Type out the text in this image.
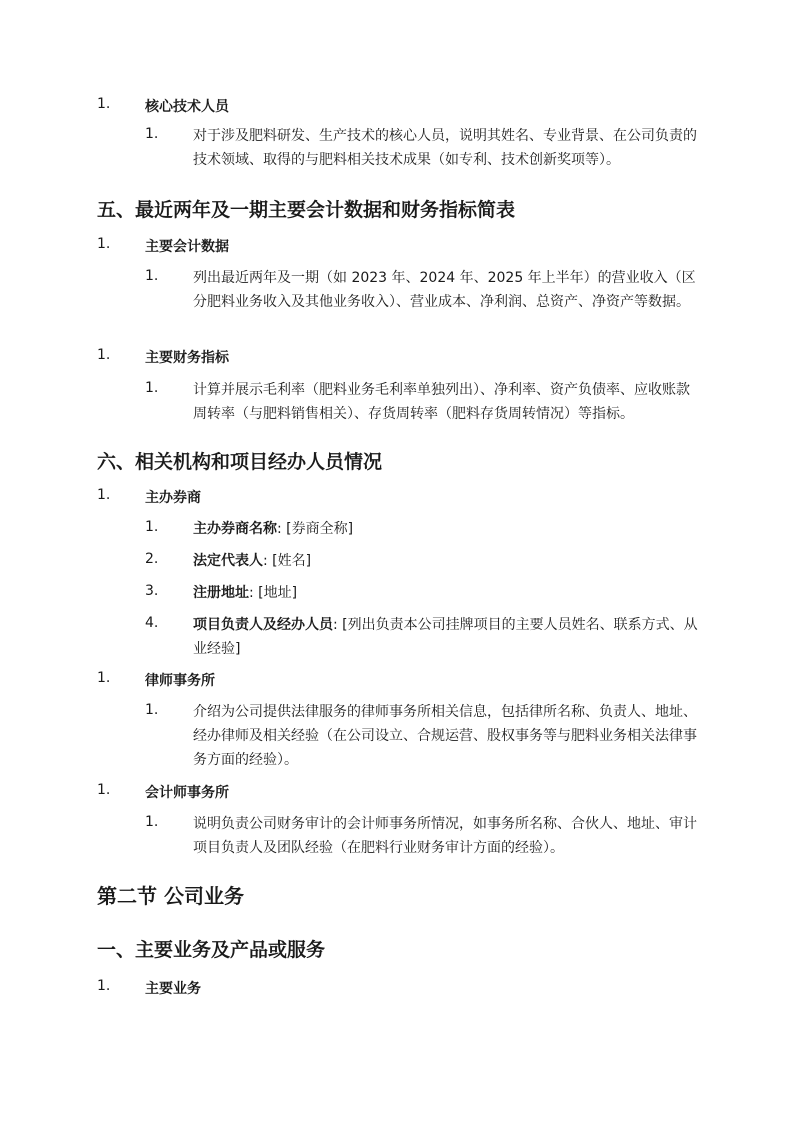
1. 核心技术人员
1. 对于涉及肥料研发、生产技术的核心人员，说明其姓名、专业背景、在公司负责的技术领域、取得的与肥料相关技术成果（如专利、技术创新奖项等）。
五、最近两年及一期主要会计数据和财务指标简表
1. 主要会计数据
1. 列出最近两年及一期（如 2023 年、2024 年、2025 年上半年）的营业收入（区分肥料业务收入及其他业务收入）、营业成本、净利润、总资产、净资产等数据。
1. 主要财务指标
1. 计算并展示毛利率（肥料业务毛利率单独列出）、净利率、资产负债率、应收账款周转率（与肥料销售相关）、存货周转率（肥料存货周转情况）等指标。
六、相关机构和项目经办人员情况
1. 主办券商
1. 主办券商名称: [券商全称]
2. 法定代表人: [姓名]
3. 注册地址: [地址]
4. 项目负责人及经办人员: [列出负责本公司挂牌项目的主要人员姓名、联系方式、从业经验]
1. 律师事务所
1. 介绍为公司提供法律服务的律师事务所相关信息，包括律所名称、负责人、地址、经办律师及相关经验（在公司设立、合规运营、股权事务等与肥料业务相关法律事务方面的经验）。
1. 会计师事务所
1. 说明负责公司财务审计的会计师事务所情况，如事务所名称、合伙人、地址、审计项目负责人及团队经验（在肥料行业财务审计方面的经验）。
第二节 公司业务
一、主要业务及产品或服务
1. 主要业务
